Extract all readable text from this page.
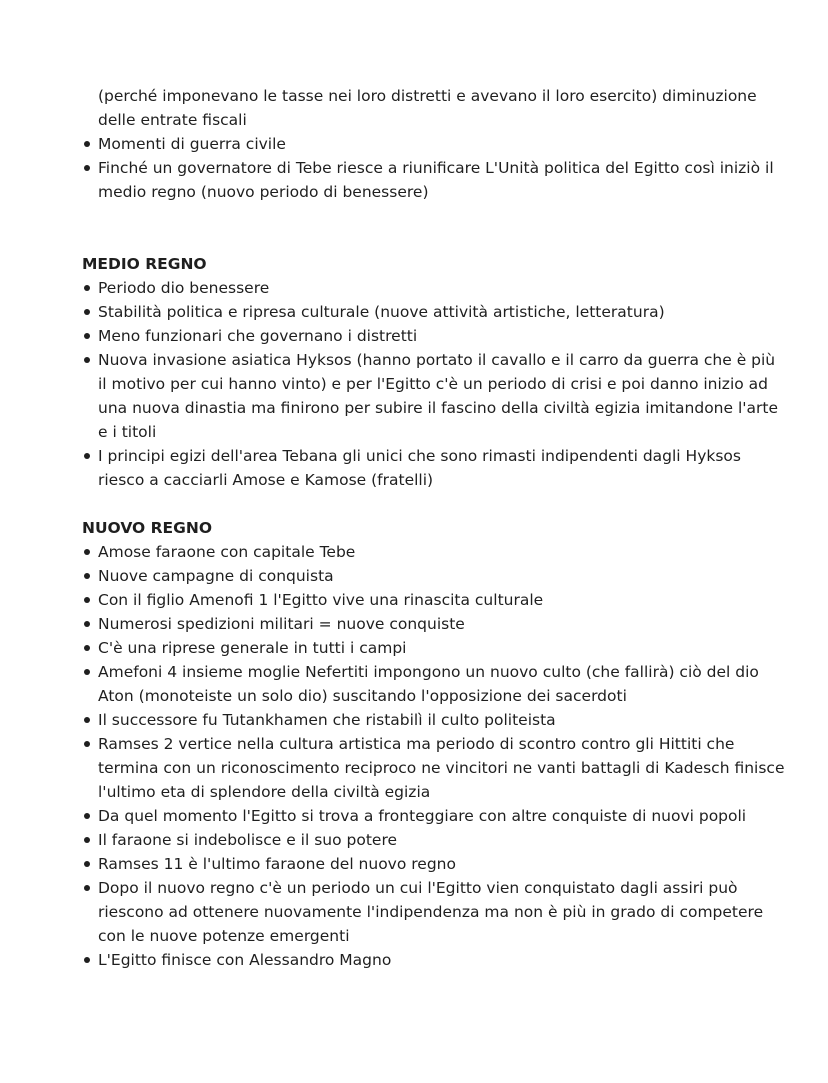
(perché imponevano le tasse nei loro distretti e avevano il loro esercito) diminuzione delle entrate fiscali
Momenti di guerra civile
Finché un governatore di Tebe riesce a riunificare L'Unità politica del Egitto così iniziò il medio regno (nuovo periodo di benessere)
MEDIO REGNO
Periodo dio benessere
Stabilità politica e ripresa culturale (nuove attività artistiche, letteratura)
Meno funzionari che governano i distretti
Nuova invasione asiatica Hyksos (hanno portato il cavallo e il carro da guerra che è più il motivo per cui hanno vinto) e per l'Egitto c'è un periodo di crisi e poi danno inizio ad una nuova dinastia ma finirono per subire il fascino della civiltà egizia imitandone l'arte e i titoli
I principi egizi dell'area Tebana gli unici che sono rimasti indipendenti dagli Hyksos riesco a cacciarli Amose e Kamose (fratelli)
NUOVO REGNO
Amose faraone con capitale Tebe
Nuove campagne di conquista
Con il figlio Amenofi 1 l'Egitto vive una rinascita culturale
Numerosi spedizioni militari = nuove conquiste
C'è una riprese generale in tutti i campi
Amefoni 4 insieme moglie Nefertiti impongono un nuovo culto (che fallirà) ciò del dio Aton (monoteiste un solo dio) suscitando l'opposizione dei sacerdoti
Il successore fu Tutankhamen che ristabilì il culto politeista
Ramses 2 vertice nella cultura artistica ma periodo di scontro contro gli Hittiti che termina con un riconoscimento reciproco ne vincitori ne vanti battagli di Kadesch finisce l'ultimo eta di splendore della civiltà egizia
Da quel momento l'Egitto si trova a fronteggiare con altre conquiste di nuovi popoli
Il faraone si indebolisce e il suo potere
Ramses 11 è l'ultimo faraone del nuovo regno
Dopo il nuovo regno c'è un periodo un cui l'Egitto vien conquistato dagli assiri può riescono ad ottenere nuovamente l'indipendenza ma non è più in grado di competere con le nuove potenze emergenti
L'Egitto finisce con Alessandro Magno
